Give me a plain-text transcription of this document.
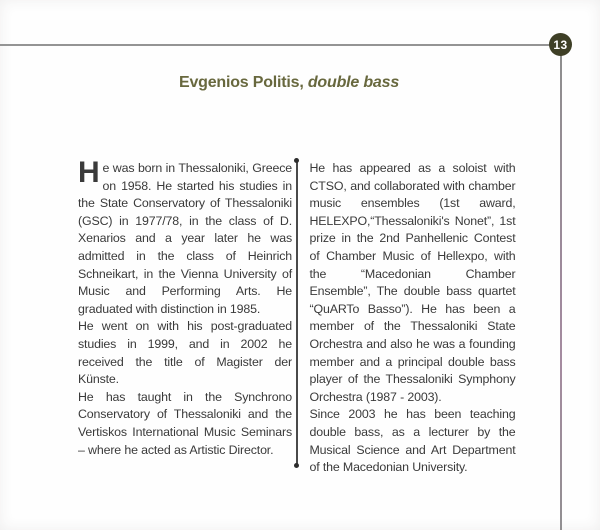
13
Evgenios Politis, double bass

He was born in Thessaloniki, Greece on 1958. He started his studies in the State Conservatory of Thessaloniki (GSC) in 1977/78, in the class of D. Xenarios and a year later he was admitted in the class of Heinrich Schneikart, in the Vienna University of Music and Performing Arts. He graduated with distinction in 1985.

He went on with his post-graduated studies in 1999, and in 2002 he received the title of Magister der Künste.

He has taught in the Synchrono Conservatory of Thessaloniki and the Vertiskos International Music Seminars – where he acted as Artistic Director.

He has appeared as a soloist with CTSO, and collaborated with chamber music ensembles (1st award, HELEXPO,“Thessaloniki's Nonet”, 1st prize in the 2nd Panhellenic Contest of Chamber Music of Hellexpo, with the “Macedonian Chamber Ensemble”, The double bass quartet “QuARTo Basso”). He has been a member of the Thessaloniki State Orchestra and also he was a founding member and a principal double bass player of the Thessaloniki Symphony Orchestra (1987 - 2003).

Since 2003 he has been teaching double bass, as a lecturer by the Musical Science and Art Department of the Macedonian University.
